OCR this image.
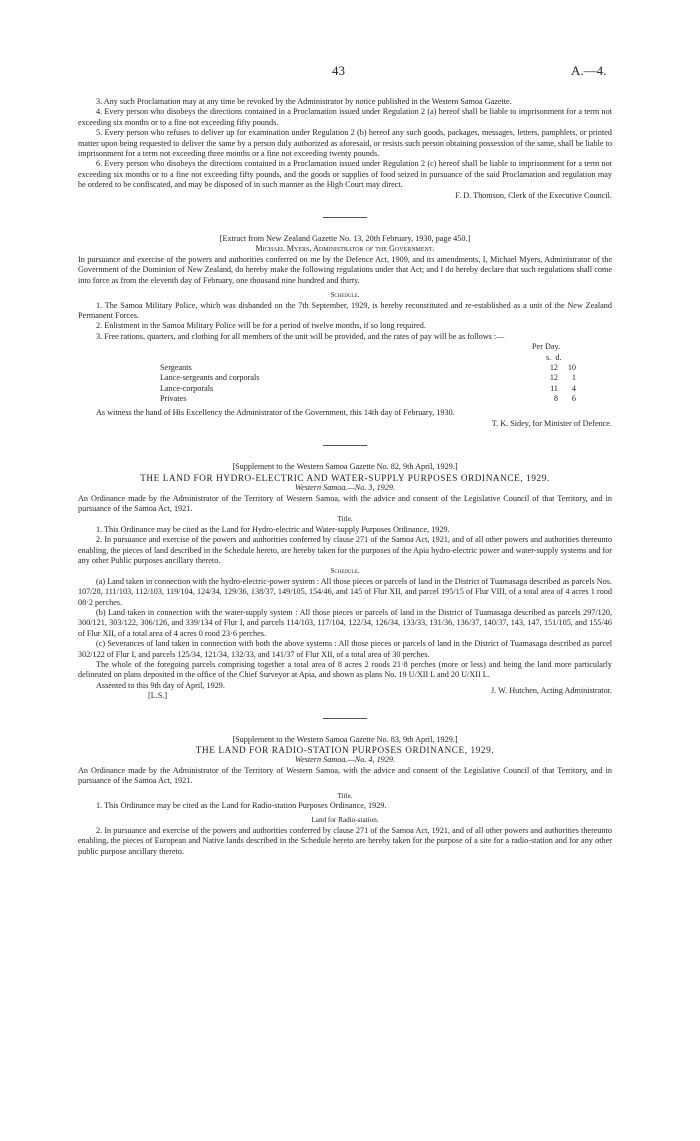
43	A.—4.

3. Any such Proclamation may at any time be revoked by the Administrator by notice published in the Western Samoa Gazette.

4. Every person who disobeys the directions contained in a Proclamation issued under Regulation 2 (a) hereof shall be liable to imprisonment for a term not exceeding six months or to a fine not exceeding fifty pounds.

5. Every person who refuses to deliver up for examination under Regulation 2 (b) hereof any such goods, packages, messages, letters, pamphlets, or printed matter upon being requested to deliver the same by a person duly authorized as aforesaid, or resists such person obtaining possession of the same, shall be liable to imprisonment for a term not exceeding three months or a fine not exceeding twenty pounds.

6. Every person who disobeys the directions contained in a Proclamation issued under Regulation 2 (c) hereof shall be liable to imprisonment for a term not exceeding six months or to a fine not exceeding fifty pounds, and the goods or supplies of food seized in pursuance of the said Proclamation and regulation may be ordered to be confiscated, and may be disposed of in such manner as the High Court may direct.

F. D. Thomson, Clerk of the Executive Council.

[Extract from New Zealand Gazette No. 13, 20th February, 1930, page 450.]

Michael Myers, Administrator of the Government.

In pursuance and exercise of the powers and authorities conferred on me by the Defence Act, 1909, and its amendments, I, Michael Myers, Administrator of the Government of the Dominion of New Zealand, do hereby make the following regulations under that Act; and I do hereby declare that such regulations shall come into force as from the eleventh day of February, one thousand nine hundred and thirty.

Schedule.

1. The Samoa Military Police, which was disbanded on the 7th September, 1929, is hereby reconstituted and re-established as a unit of the New Zealand Permanent Forces.

2. Enlistment in the Samoa Military Police will be for a period of twelve months, if so long required.

3. Free rations, quarters, and clothing for all members of the unit will be provided, and the rates of pay will be as follows :—

Per Day.
s. d.
Sergeants	12	10
Lance-sergeants and corporals	12	1
Lance-corporals	11	4
Privates	8	6

As witness the hand of His Excellency the Administrator of the Government, this 14th day of February, 1930.

T. K. Sidey, for Minister of Defence.

[Supplement to the Western Samoa Gazette No. 82, 9th April, 1929.]

THE LAND FOR HYDRO-ELECTRIC AND WATER-SUPPLY PURPOSES ORDINANCE, 1929.

Western Samoa.—No. 3, 1929.

An Ordinance made by the Administrator of the Territory of Western Samoa, with the advice and consent of the Legislative Council of that Territory, and in pursuance of the Samoa Act, 1921.

Title.

1. This Ordinance may be cited as the Land for Hydro-electric and Water-supply Purposes Ordinance, 1929.

2. In pursuance and exercise of the powers and authorities conferred by clause 271 of the Samoa Act, 1921, and of all other powers and authorities thereunto enabling, the pieces of land described in the Schedule hereto, are hereby taken for the purposes of the Apia hydro-electric power and water-supply systems and for any other Public purposes ancillary thereto.

Schedule.

(a) Land taken in connection with the hydro-electric-power system : All those pieces or parcels of land in the District of Tuamasaga described as parcels Nos. 107/28, 111/103, 112/103, 119/104, 124/34, 129/36, 138/37, 149/105, 154/46, and 145 of Flur XII, and parcel 195/15 of Flur VIII, of a total area of 4 acres 1 rood 08·2 perches.

(b) Land taken in connection with the water-supply system : All those pieces or parcels of land in the District of Tuamasaga described as parcels 297/120, 300/121, 303/122, 306/126, and 339/134 of Flur I, and parcels 114/103, 117/104, 122/34, 126/34, 133/33, 131/36, 136/37, 140/37, 143, 147, 151/105, and 155/46 of Flur XII, of a total area of 4 acres 0 rood 23·6 perches.

(c) Severances of land taken in connection with both the above systems : All those pieces or parcels of land in the District of Tuamasaga described as parcel 302/122 of Flur I, and parcels 125/34, 121/34, 132/33, and 141/37 of Flur XII, of a total area of 30 perches.

The whole of the foregoing parcels comprising together a total area of 8 acres 2 roods 21·8 perches (more or less) and being the land more particularly delineated on plans deposited in the office of the Chief Surveyor at Apia, and shown as plans No. 19 U/XII L and 20 U/XII L.

Assented to this 9th day of April, 1929.
[L.S.]
J. W. Hutchen, Acting Administrator.

[Supplement to the Western Samoa Gazette No. 83, 9th April, 1929.]

THE LAND FOR RADIO-STATION PURPOSES ORDINANCE, 1929.

Western Samoa.—No. 4, 1929.

An Ordinance made by the Administrator of the Territory of Western Samoa, with the advice and consent of the Legislative Council of that Territory, and in pursuance of the Samoa Act, 1921.

Title.

1. This Ordinance may be cited as the Land for Radio-station Purposes Ordinance, 1929.

Land for Radio-station.

2. In pursuance and exercise of the powers and authorities conferred by clause 271 of the Samoa Act, 1921, and of all other powers and authorities thereunto enabling, the pieces of European and Native lands described in the Schedule hereto are hereby taken for the purpose of a site for a radio-station and for any other public purpose ancillary thereto.
